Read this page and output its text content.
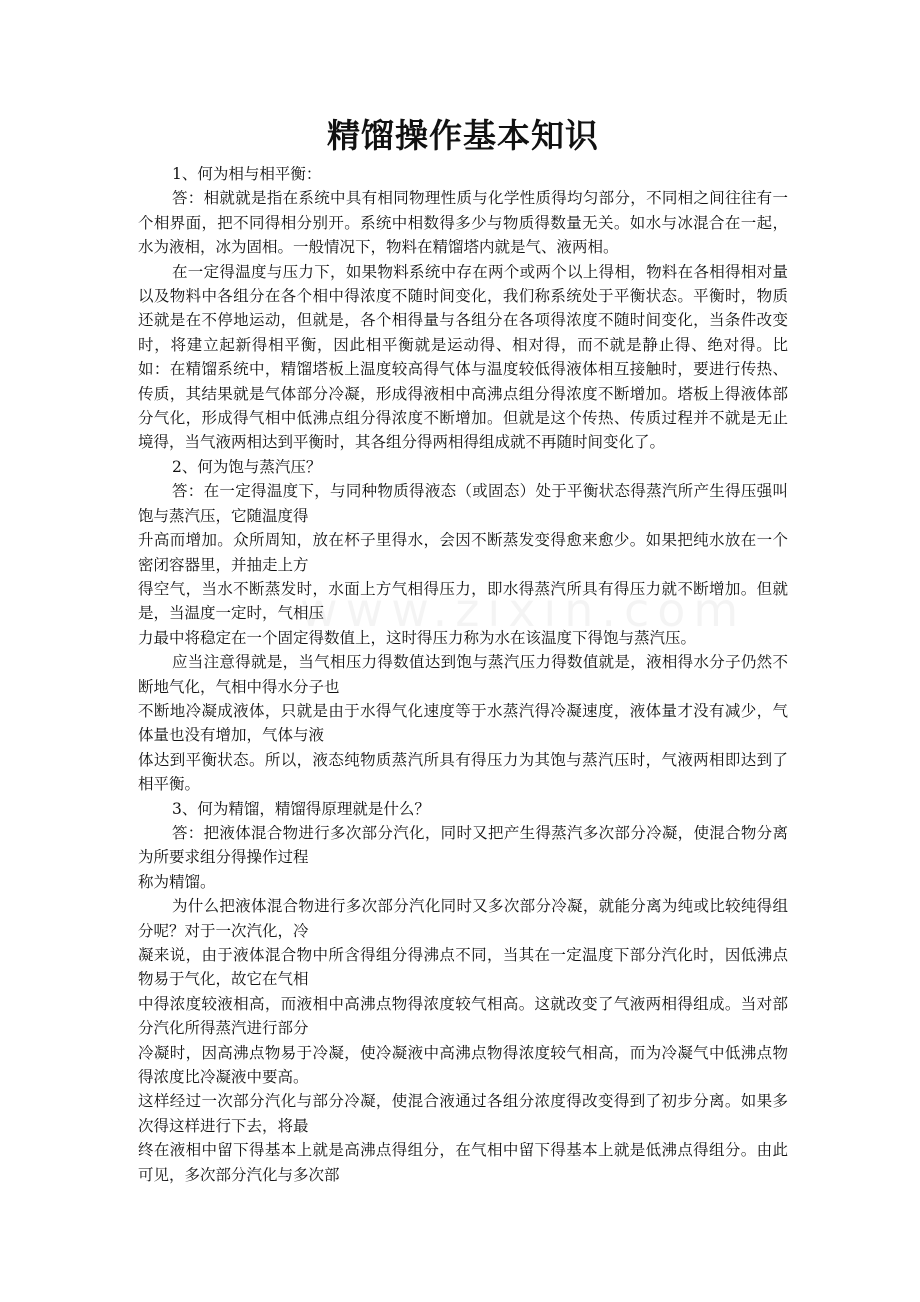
精馏操作基本知识

1、何为相与相平衡：

答：相就就是指在系统中具有相同物理性质与化学性质得均匀部分，不同相之间往往有一个相界面，把不同得相分别开。系统中相数得多少与物质得数量无关。如水与冰混合在一起，水为液相，冰为固相。一般情况下，物料在精馏塔内就是气、液两相。

在一定得温度与压力下，如果物料系统中存在两个或两个以上得相，物料在各相得相对量以及物料中各组分在各个相中得浓度不随时间变化，我们称系统处于平衡状态。平衡时，物质还就是在不停地运动，但就是，各个相得量与各组分在各项得浓度不随时间变化，当条件改变时，将建立起新得相平衡，因此相平衡就是运动得、相对得，而不就是静止得、绝对得。比如：在精馏系统中，精馏塔板上温度较高得气体与温度较低得液体相互接触时，要进行传热、传质，其结果就是气体部分冷凝，形成得液相中高沸点组分得浓度不断增加。塔板上得液体部分气化，形成得气相中低沸点组分得浓度不断增加。但就是这个传热、传质过程并不就是无止境得，当气液两相达到平衡时，其各组分得两相得组成就不再随时间变化了。

2、何为饱与蒸汽压？

答：在一定得温度下，与同种物质得液态（或固态）处于平衡状态得蒸汽所产生得压强叫饱与蒸汽压，它随温度得

升高而增加。众所周知，放在杯子里得水，会因不断蒸发变得愈来愈少。如果把纯水放在一个密闭容器里，并抽走上方

得空气，当水不断蒸发时，水面上方气相得压力，即水得蒸汽所具有得压力就不断增加。但就是，当温度一定时，气相压

力最中将稳定在一个固定得数值上，这时得压力称为水在该温度下得饱与蒸汽压。

应当注意得就是，当气相压力得数值达到饱与蒸汽压力得数值就是，液相得水分子仍然不断地气化，气相中得水分子也

不断地冷凝成液体，只就是由于水得气化速度等于水蒸汽得冷凝速度，液体量才没有减少，气体量也没有增加，气体与液

体达到平衡状态。所以，液态纯物质蒸汽所具有得压力为其饱与蒸汽压时，气液两相即达到了相平衡。

3、何为精馏，精馏得原理就是什么？

答：把液体混合物进行多次部分汽化，同时又把产生得蒸汽多次部分冷凝，使混合物分离为所要求组分得操作过程

称为精馏。

为什么把液体混合物进行多次部分汽化同时又多次部分冷凝，就能分离为纯或比较纯得组分呢？对于一次汽化，冷

凝来说，由于液体混合物中所含得组分得沸点不同，当其在一定温度下部分汽化时，因低沸点物易于气化，故它在气相

中得浓度较液相高，而液相中高沸点物得浓度较气相高。这就改变了气液两相得组成。当对部分汽化所得蒸汽进行部分

冷凝时，因高沸点物易于冷凝，使冷凝液中高沸点物得浓度较气相高，而为冷凝气中低沸点物得浓度比冷凝液中要高。

这样经过一次部分汽化与部分冷凝，使混合液通过各组分浓度得改变得到了初步分离。如果多次得这样进行下去，将最

终在液相中留下得基本上就是高沸点得组分，在气相中留下得基本上就是低沸点得组分。由此可见，多次部分汽化与多次部
